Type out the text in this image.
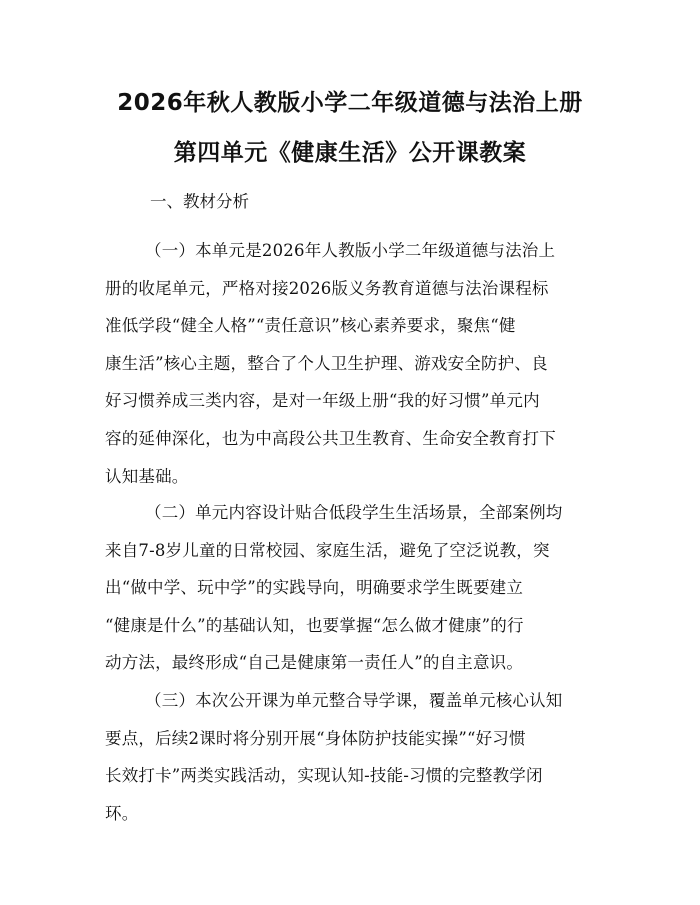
2026年秋人教版小学二年级道德与法治上册
第四单元《健康生活》公开课教案
一、教材分析
（一）本单元是2026年人教版小学二年级道德与法治上
册的收尾单元，严格对接2026版义务教育道德与法治课程标
准低学段“健全人格”“责任意识”核心素养要求，聚焦“健
康生活”核心主题，整合了个人卫生护理、游戏安全防护、良
好习惯养成三类内容，是对一年级上册“我的好习惯”单元内
容的延伸深化，也为中高段公共卫生教育、生命安全教育打下
认知基础。
（二）单元内容设计贴合低段学生生活场景，全部案例均
来自7-8岁儿童的日常校园、家庭生活，避免了空泛说教，突
出“做中学、玩中学”的实践导向，明确要求学生既要建立
“健康是什么”的基础认知，也要掌握“怎么做才健康”的行
动方法，最终形成“自己是健康第一责任人”的自主意识。
（三）本次公开课为单元整合导学课，覆盖单元核心认知
要点，后续2课时将分别开展“身体防护技能实操”“好习惯
长效打卡”两类实践活动，实现认知-技能-习惯的完整教学闭
环。
